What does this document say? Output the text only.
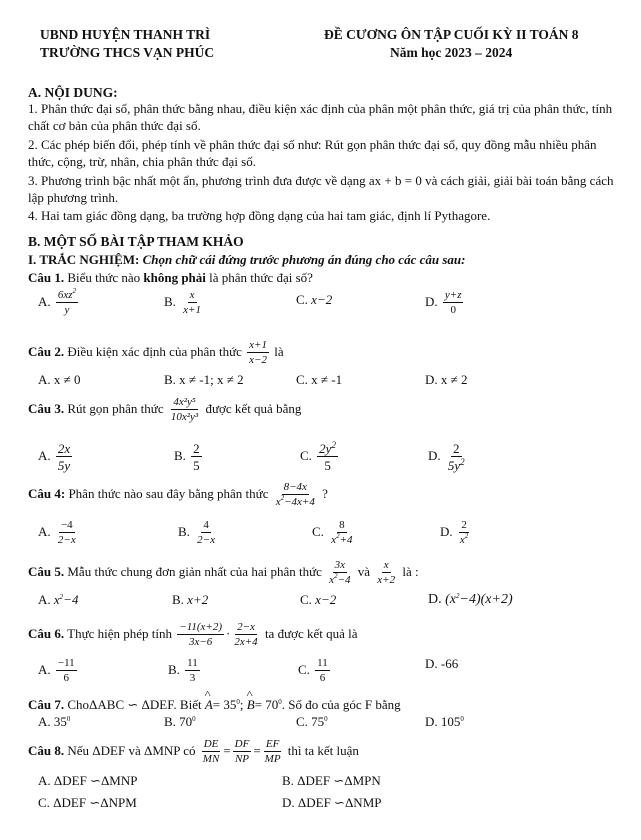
UBND HUYỆN THANH TRÌ
TRƯỜNG THCS VẠN PHÚC
ĐỀ CƯƠNG ÔN TẬP CUỐI KỲ II TOÁN 8
Năm học 2023 – 2024
A. NỘI DUNG:
1. Phân thức đại số, phân thức bằng nhau, điều kiện xác định của phân một phân thức, giá trị của phân thức, tính chất cơ bản của phân thức đại số.
2. Các phép biến đổi, phép tính về phân thức đại số như: Rút gọn phân thức đại số, quy đồng mẫu nhiều phân thức, cộng, trừ, nhân, chia phân thức đại số.
3. Phương trình bậc nhất một ẩn, phương trình đưa được về dạng ax + b = 0 và cách giải, giải bài toán bằng cách lập phương trình.
4. Hai tam giác đồng dạng, ba trường hợp đồng dạng của hai tam giác, định lí Pythagore.
B. MỘT SỐ BÀI TẬP THAM KHẢO
I. TRẮC NGHIỆM: Chọn chữ cái đứng trước phương án đúng cho các câu sau:
Câu 1. Biểu thức nào không phải là phân thức đại số?
A. $\frac{6xz^2}{y}$	B. $\frac{x}{x+1}$	C. x−2	D. $\frac{y+z}{0}$
Câu 2. Điều kiện xác định của phân thức $\frac{x+1}{x-2}$ là
A. x ≠ 0	B. x ≠ -1; x ≠ 2	C. x ≠ -1	D. x ≠ 2
Câu 3. Rút gọn phân thức $\frac{\text{4x²y⁵}}{\text{10x²y³}}$ được kết quả bằng
A. $\frac{2x}{5y}$	B. $\frac{2}{5}$	C. $\frac{2y^2}{5}$	D. $\frac{2}{5y^2}$
Câu 4: Phân thức nào sau đây bằng phân thức $\frac{8-4x}{x^2-4x+4}$ ?
A. $\frac{-4}{2-x}$	B. $\frac{4}{2-x}$	C. $\frac{8}{x^2+4}$	D. $\frac{2}{x^2}$
Câu 5. Mẫu thức chung đơn giản nhất của hai phân thức $\frac{3x}{x^2-4}$ và $\frac{x}{x+2}$ là :
A. $x^2-4$	B. x+2	C. x−2	D. $(x^2-4)(x+2)$
Câu 6. Thực hiện phép tính $\frac{-11(x+2)}{3x-6} \cdot \frac{2-x}{2x+4}$ ta được kết quả là
A. $\frac{-11}{6}$	B. $\frac{11}{3}$	C. $\frac{11}{6}$	D. -66
Câu 7. ChoΔABC ∽ ΔDEF. Biết ^ $A= 35^0$; ^ $B= 70^0$. Số đo của góc F bằng
A. $35^0$	B. $70^0$	C. $75^0$	D. $105^0$
Câu 8. Nếu ΔDEF và ΔMNP có $\frac{DE}{MN} = \frac{DF}{NP} = \frac{EF}{MP}$ thì ta kết luận
A. ΔDEF ∽ΔMNP	B. ΔDEF ∽ΔMPN
C. ΔDEF ∽ΔNPM	D. ΔDEF ∽ΔNMP
